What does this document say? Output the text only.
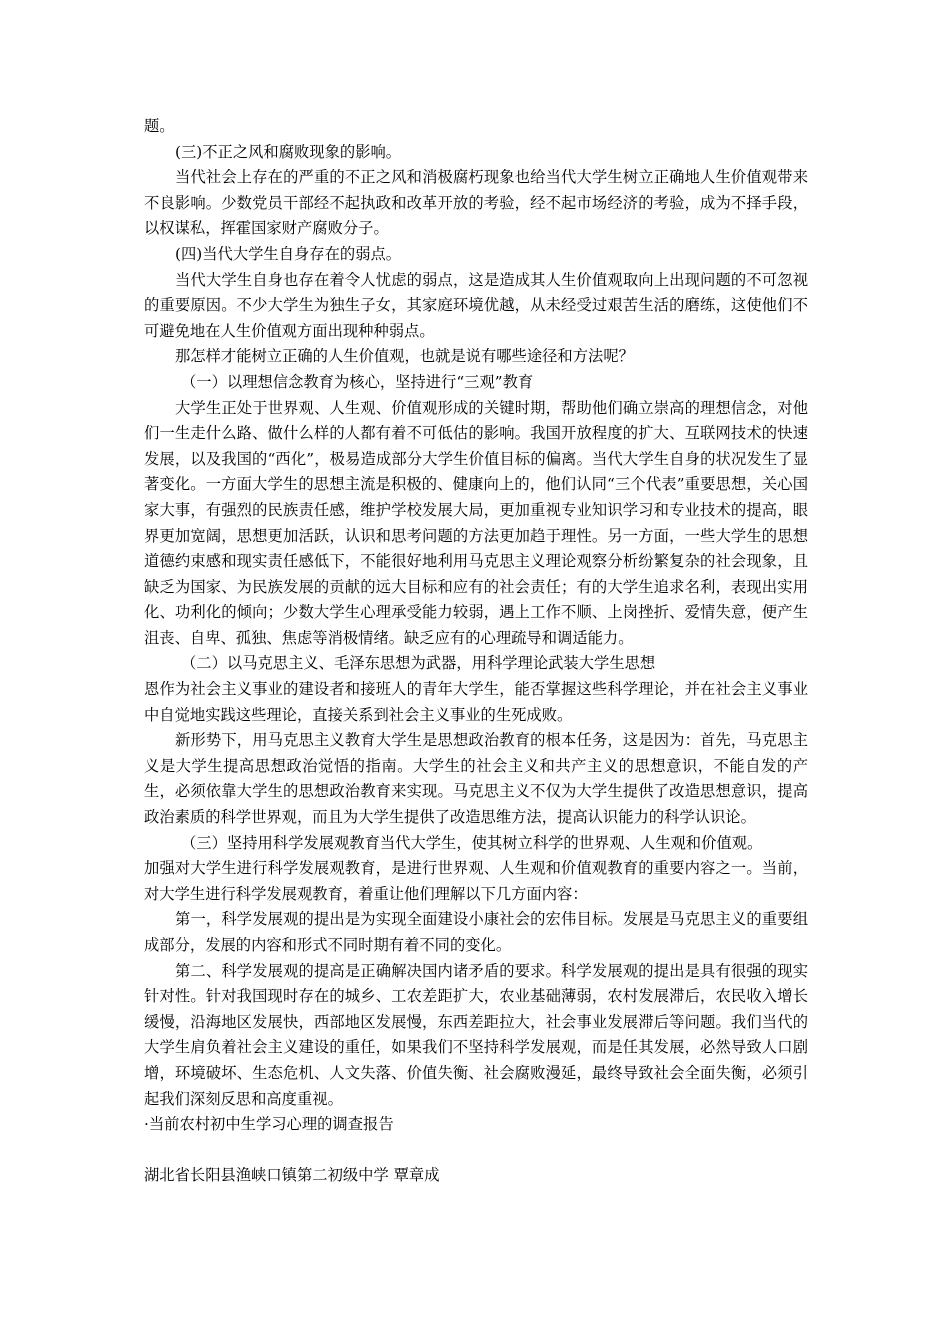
题。

(三)不正之风和腐败现象的影响。

当代社会上存在的严重的不正之风和消极腐朽现象也给当代大学生树立正确地人生价值观带来不良影响。少数党员干部经不起执政和改革开放的考验，经不起市场经济的考验，成为不择手段，以权谋私，挥霍国家财产腐败分子。

(四)当代大学生自身存在的弱点。

当代大学生自身也存在着令人忧虑的弱点，这是造成其人生价值观取向上出现问题的不可忽视的重要原因。不少大学生为独生子女，其家庭环境优越，从未经受过艰苦生活的磨练，这使他们不可避免地在人生价值观方面出现种种弱点。

那怎样才能树立正确的人生价值观，也就是说有哪些途径和方法呢？

（一）以理想信念教育为核心，坚持进行“三观”教育

大学生正处于世界观、人生观、价值观形成的关键时期，帮助他们确立崇高的理想信念，对他们一生走什么路、做什么样的人都有着不可低估的影响。我国开放程度的扩大、互联网技术的快速发展，以及我国的“西化”，极易造成部分大学生价值目标的偏离。当代大学生自身的状况发生了显著变化。一方面大学生的思想主流是积极的、健康向上的，他们认同“三个代表”重要思想，关心国家大事，有强烈的民族责任感，维护学校发展大局，更加重视专业知识学习和专业技术的提高，眼界更加宽阔，思想更加活跃，认识和思考问题的方法更加趋于理性。另一方面，一些大学生的思想道德约束感和现实责任感低下，不能很好地利用马克思主义理论观察分析纷繁复杂的社会现象，且缺乏为国家、为民族发展的贡献的远大目标和应有的社会责任；有的大学生追求名利，表现出实用化、功利化的倾向；少数大学生心理承受能力较弱，遇上工作不顺、上岗挫折、爱情失意，便产生沮丧、自卑、孤独、焦虑等消极情绪。缺乏应有的心理疏导和调适能力。

（二）以马克思主义、毛泽东思想为武器，用科学理论武装大学生思想

恩作为社会主义事业的建设者和接班人的青年大学生，能否掌握这些科学理论，并在社会主义事业中自觉地实践这些理论，直接关系到社会主义事业的生死成败。

新形势下，用马克思主义教育大学生是思想政治教育的根本任务，这是因为：首先，马克思主义是大学生提高思想政治觉悟的指南。大学生的社会主义和共产主义的思想意识，不能自发的产生，必须依靠大学生的思想政治教育来实现。马克思主义不仅为大学生提供了改造思想意识，提高政治素质的科学世界观，而且为大学生提供了改造思维方法，提高认识能力的科学认识论。

（三）坚持用科学发展观教育当代大学生，使其树立科学的世界观、人生观和价值观。

加强对大学生进行科学发展观教育，是进行世界观、人生观和价值观教育的重要内容之一。当前，对大学生进行科学发展观教育，着重让他们理解以下几方面内容：

第一，科学发展观的提出是为实现全面建设小康社会的宏伟目标。发展是马克思主义的重要组成部分，发展的内容和形式不同时期有着不同的变化。

第二、科学发展观的提高是正确解决国内诸矛盾的要求。科学发展观的提出是具有很强的现实针对性。针对我国现时存在的城乡、工农差距扩大，农业基础薄弱，农村发展滞后，农民收入增长缓慢，沿海地区发展快，西部地区发展慢，东西差距拉大，社会事业发展滞后等问题。我们当代的大学生肩负着社会主义建设的重任，如果我们不坚持科学发展观，而是任其发展，必然导致人口剧增，环境破坏、生态危机、人文失落、价值失衡、社会腐败漫延，最终导致社会全面失衡，必须引起我们深刻反思和高度重视。

·当前农村初中生学习心理的调查报告

湖北省长阳县渔峡口镇第二初级中学 覃章成
